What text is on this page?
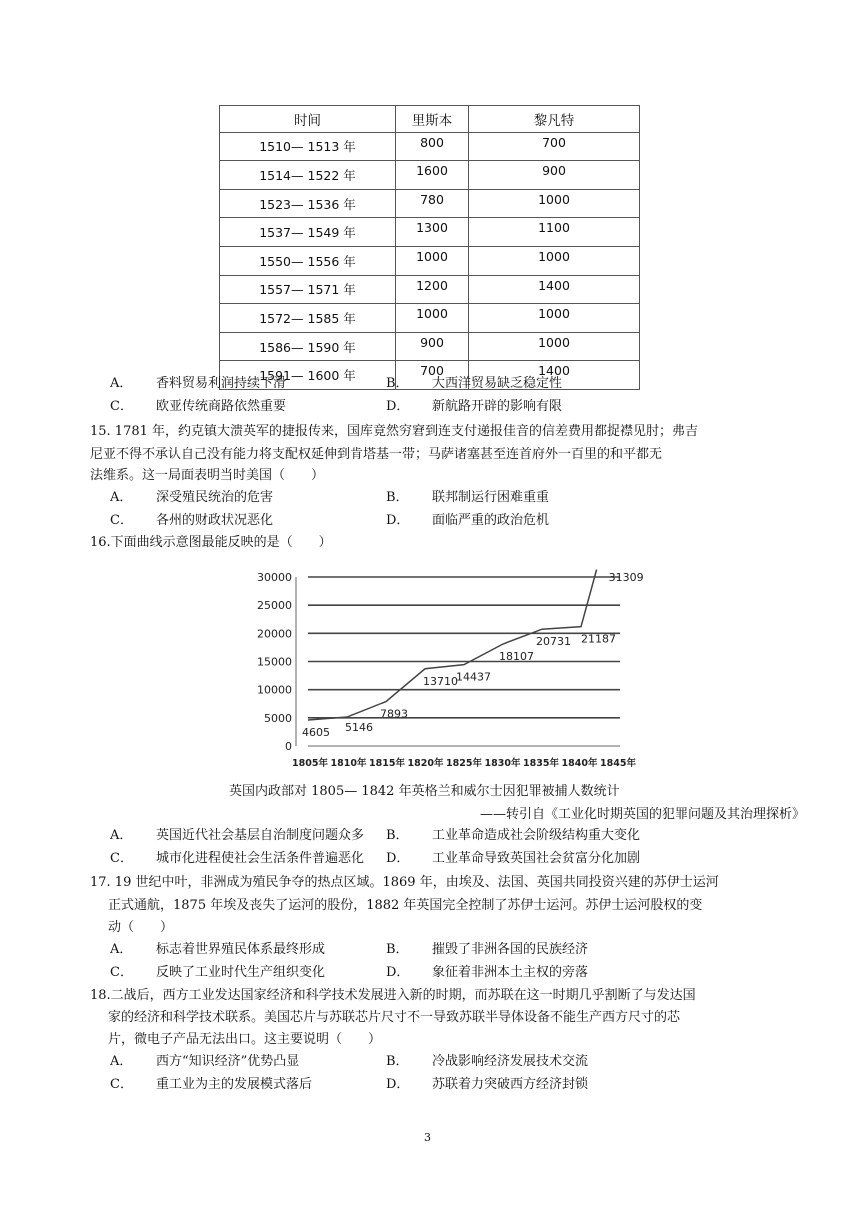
时间	里斯本	黎凡特
1510— 1513 年	800	700
1514— 1522 年	1600	900
1523— 1536 年	780	1000
1537— 1549 年	1300	1100
1550— 1556 年	1000	1000
1557— 1571 年	1200	1400
1572— 1585 年	1000	1000
1586— 1590 年	900	1000
1591— 1600 年	700	1400
A． 香料贸易利润持续下滑	B． 大西洋贸易缺乏稳定性
C． 欧亚传统商路依然重要	D． 新航路开辟的影响有限
15. 1781 年，约克镇大溃英军的捷报传来，国库竟然穷窘到连支付递报佳音的信差费用都捉襟见肘；弗吉
尼亚不得不承认自己没有能力将支配权延伸到肯塔基一带；马萨诸塞甚至连首府外一百里的和平都无
法维系。这一局面表明当时美国（　　）
A． 深受殖民统治的危害	B． 联邦制运行困难重重
C． 各州的财政状况恶化	D． 面临严重的政治危机
16.下面曲线示意图最能反映的是（　　）
0
5000
10000
15000
20000
25000
30000
1805年 1810年 1815年 1820年 1825年 1830年 1835年 1840年 1845年
4605 5146
7893
13710
14437
18107
20731 21187
31309
英国内政部对 1805— 1842 年英格兰和威尔士因犯罪被捕人数统计
——转引自《工业化时期英国的犯罪问题及其治理探析》
A． 英国近代社会基层自治制度问题众多 B． 工业革命造成社会阶级结构重大变化
C． 城市化进程使社会生活条件普遍恶化 D． 工业革命导致英国社会贫富分化加剧
17. 19 世纪中叶，非洲成为殖民争夺的热点区域。1869 年，由埃及、法国、英国共同投资兴建的苏伊士运河
正式通航，1875 年埃及丧失了运河的股份，1882 年英国完全控制了苏伊士运河。苏伊士运河股权的变
动（　　）
A． 标志着世界殖民体系最终形成	B． 摧毁了非洲各国的民族经济
C． 反映了工业时代生产组织变化	D． 象征着非洲本土主权的旁落
18.二战后，西方工业发达国家经济和科学技术发展进入新的时期，而苏联在这一时期几乎割断了与发达国
家的经济和科学技术联系。美国芯片与苏联芯片尺寸不一导致苏联半导体设备不能生产西方尺寸的芯
片，微电子产品无法出口。这主要说明（　　）
A． 西方“知识经济”优势凸显	B． 冷战影响经济发展技术交流
C． 重工业为主的发展模式落后	D． 苏联着力突破西方经济封锁
3
